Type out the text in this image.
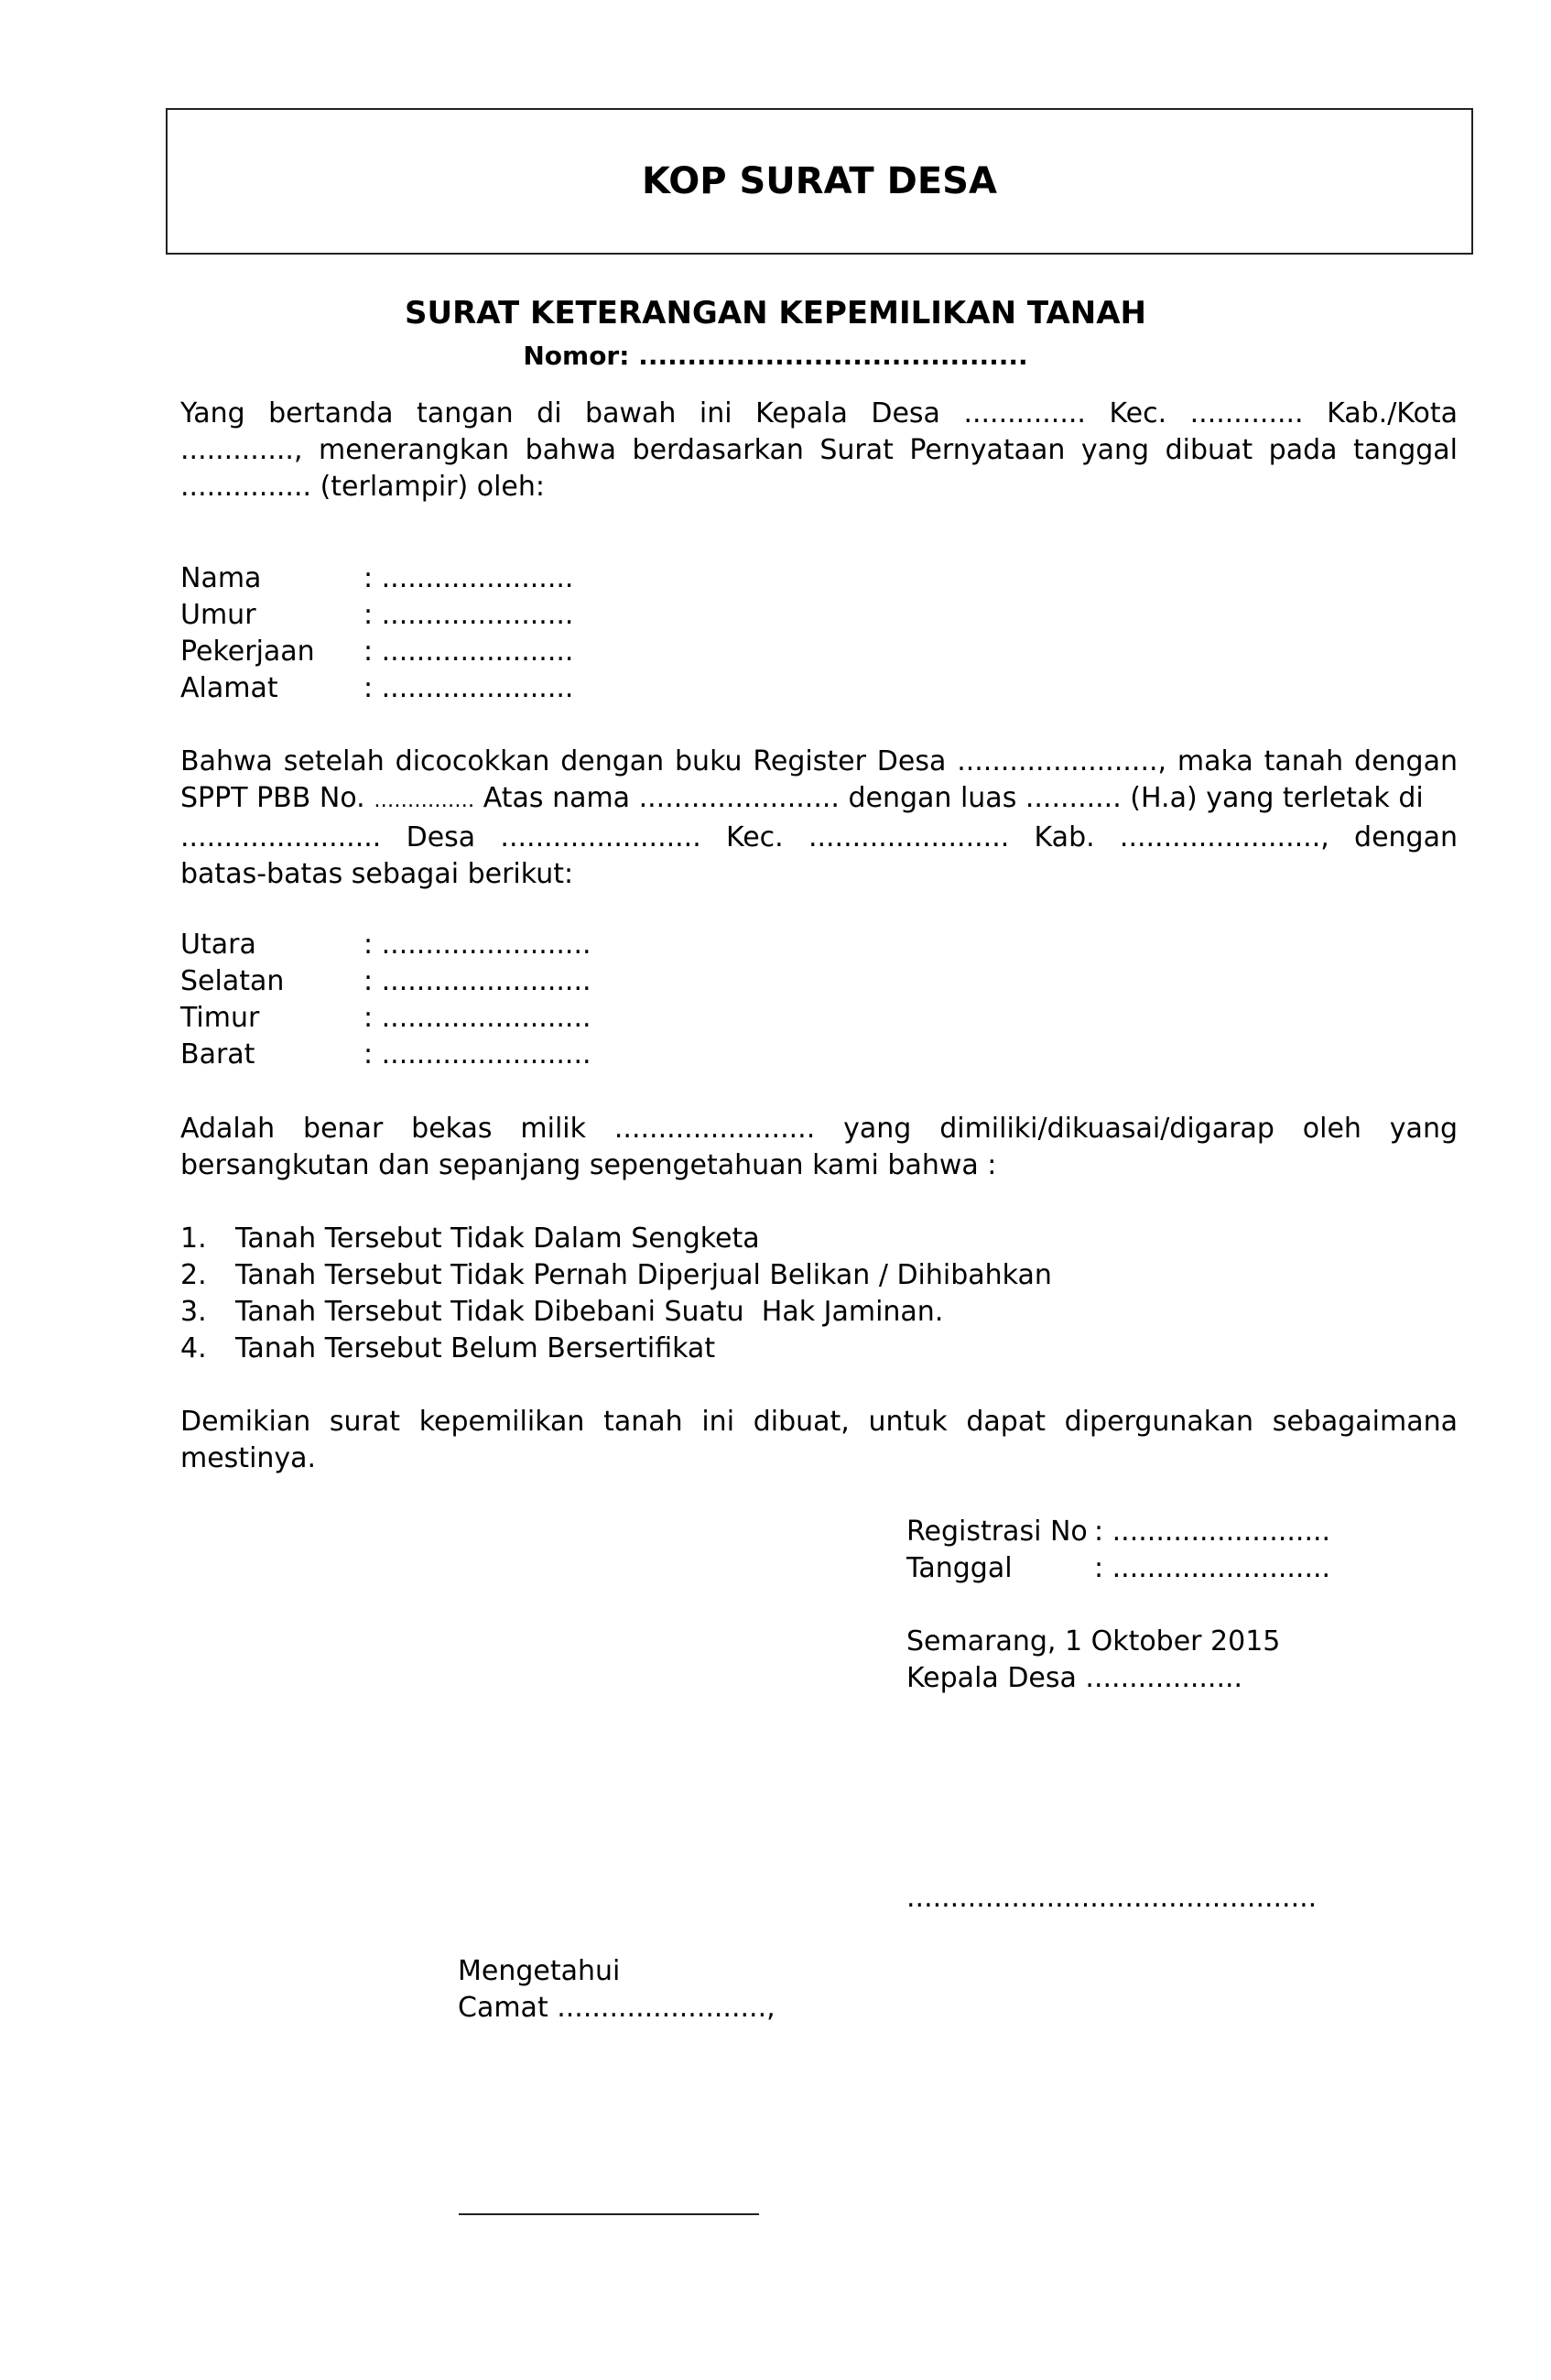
KOP SURAT DESA
SURAT KETERANGAN KEPEMILIKAN TANAH
Nomor: ........................................
Yang bertanda tangan di bawah ini Kepala Desa .............. Kec. ............. Kab./Kota
............., menerangkan bahwa berdasarkan Surat Pernyataan yang dibuat pada tanggal
............... (terlampir) oleh:
Nama	: ......................
Umur	: ......................
Pekerjaan	: ......................
Alamat	: ......................
Bahwa setelah dicocokkan dengan buku Register Desa ......................., maka tanah dengan
SPPT PBB No. …………… Atas nama ....................... dengan luas ........... (H.a) yang terletak di
....................... Desa ....................... Kec. ....................... Kab. ......................., dengan
batas-batas sebagai berikut:
Utara	: ........................
Selatan	: ........................
Timur	: ........................
Barat	: ........................
Adalah benar bekas milik ....................... yang dimiliki/dikuasai/digarap oleh yang
bersangkutan dan sepanjang sepengetahuan kami bahwa :
1.	Tanah Tersebut Tidak Dalam Sengketa
2.	Tanah Tersebut Tidak Pernah Diperjual Belikan / Dihibahkan
3.	Tanah Tersebut Tidak Dibebani Suatu  Hak Jaminan.
4.	Tanah Tersebut Belum Bersertifikat
Demikian surat kepemilikan tanah ini dibuat, untuk dapat dipergunakan sebagaimana
mestinya.
Registrasi No : .........................
Tanggal	: .........................
Semarang, 1 Oktober 2015
Kepala Desa ..................
...............................................
Mengetahui
Camat ........................,
